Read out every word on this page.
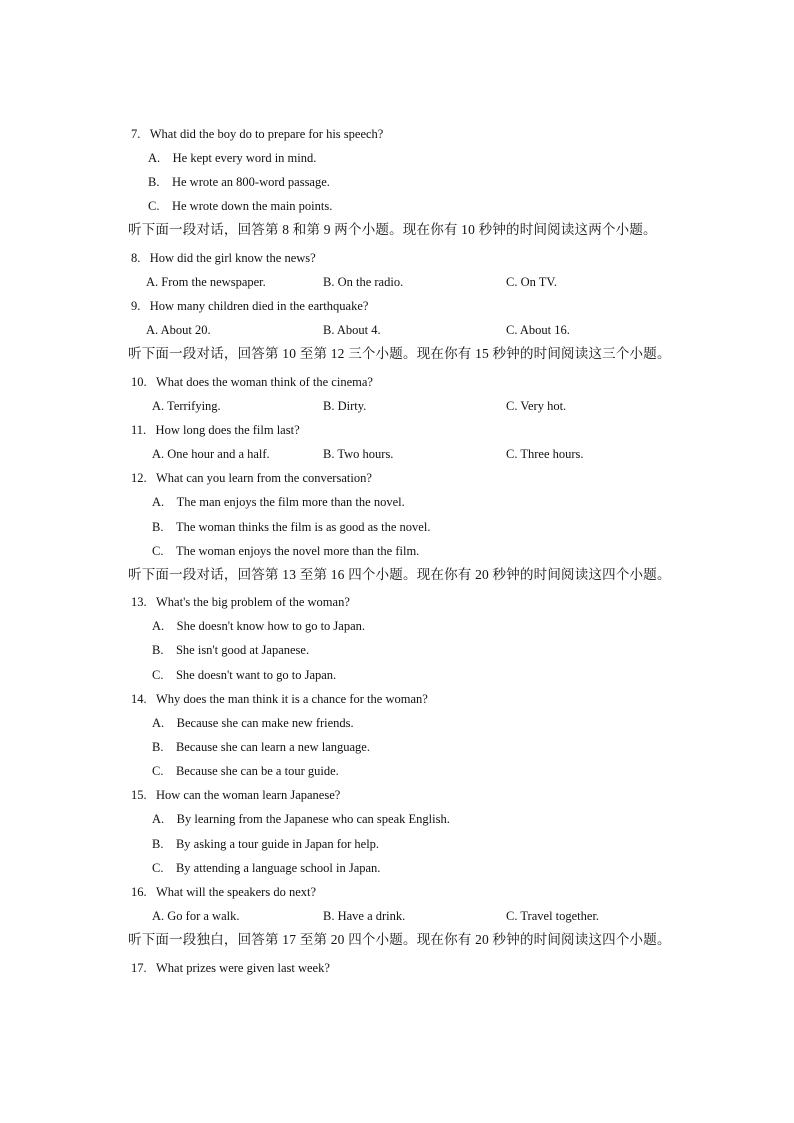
7. What did the boy do to prepare for his speech?
A. He kept every word in mind.
B. He wrote an 800-word passage.
C. He wrote down the main points.
听下面一段对话，回答第 8 和第 9 两个小题。现在你有 10 秒钟的时间阅读这两个小题。
8. How did the girl know the news?
A. From the newspaper.	B. On the radio.	C. On TV.
9. How many children died in the earthquake?
A. About 20.	B. About 4.	C. About 16.
听下面一段对话，回答第 10 至第 12 三个小题。现在你有 15 秒钟的时间阅读这三个小题。
10. What does the woman think of the cinema?
A. Terrifying.	B. Dirty.	C. Very hot.
11. How long does the film last?
A. One hour and a half.	B. Two hours.	C. Three hours.
12. What can you learn from the conversation?
A. The man enjoys the film more than the novel.
B. The woman thinks the film is as good as the novel.
C. The woman enjoys the novel more than the film.
听下面一段对话，回答第 13 至第 16 四个小题。现在你有 20 秒钟的时间阅读这四个小题。
13. What's the big problem of the woman?
A. She doesn't know how to go to Japan.
B. She isn't good at Japanese.
C. She doesn't want to go to Japan.
14. Why does the man think it is a chance for the woman?
A. Because she can make new friends.
B. Because she can learn a new language.
C. Because she can be a tour guide.
15. How can the woman learn Japanese?
A. By learning from the Japanese who can speak English.
B. By asking a tour guide in Japan for help.
C. By attending a language school in Japan.
16. What will the speakers do next?
A. Go for a walk.	B. Have a drink.	C. Travel together.
听下面一段独白，回答第 17 至第 20 四个小题。现在你有 20 秒钟的时间阅读这四个小题。
17. What prizes were given last week?
